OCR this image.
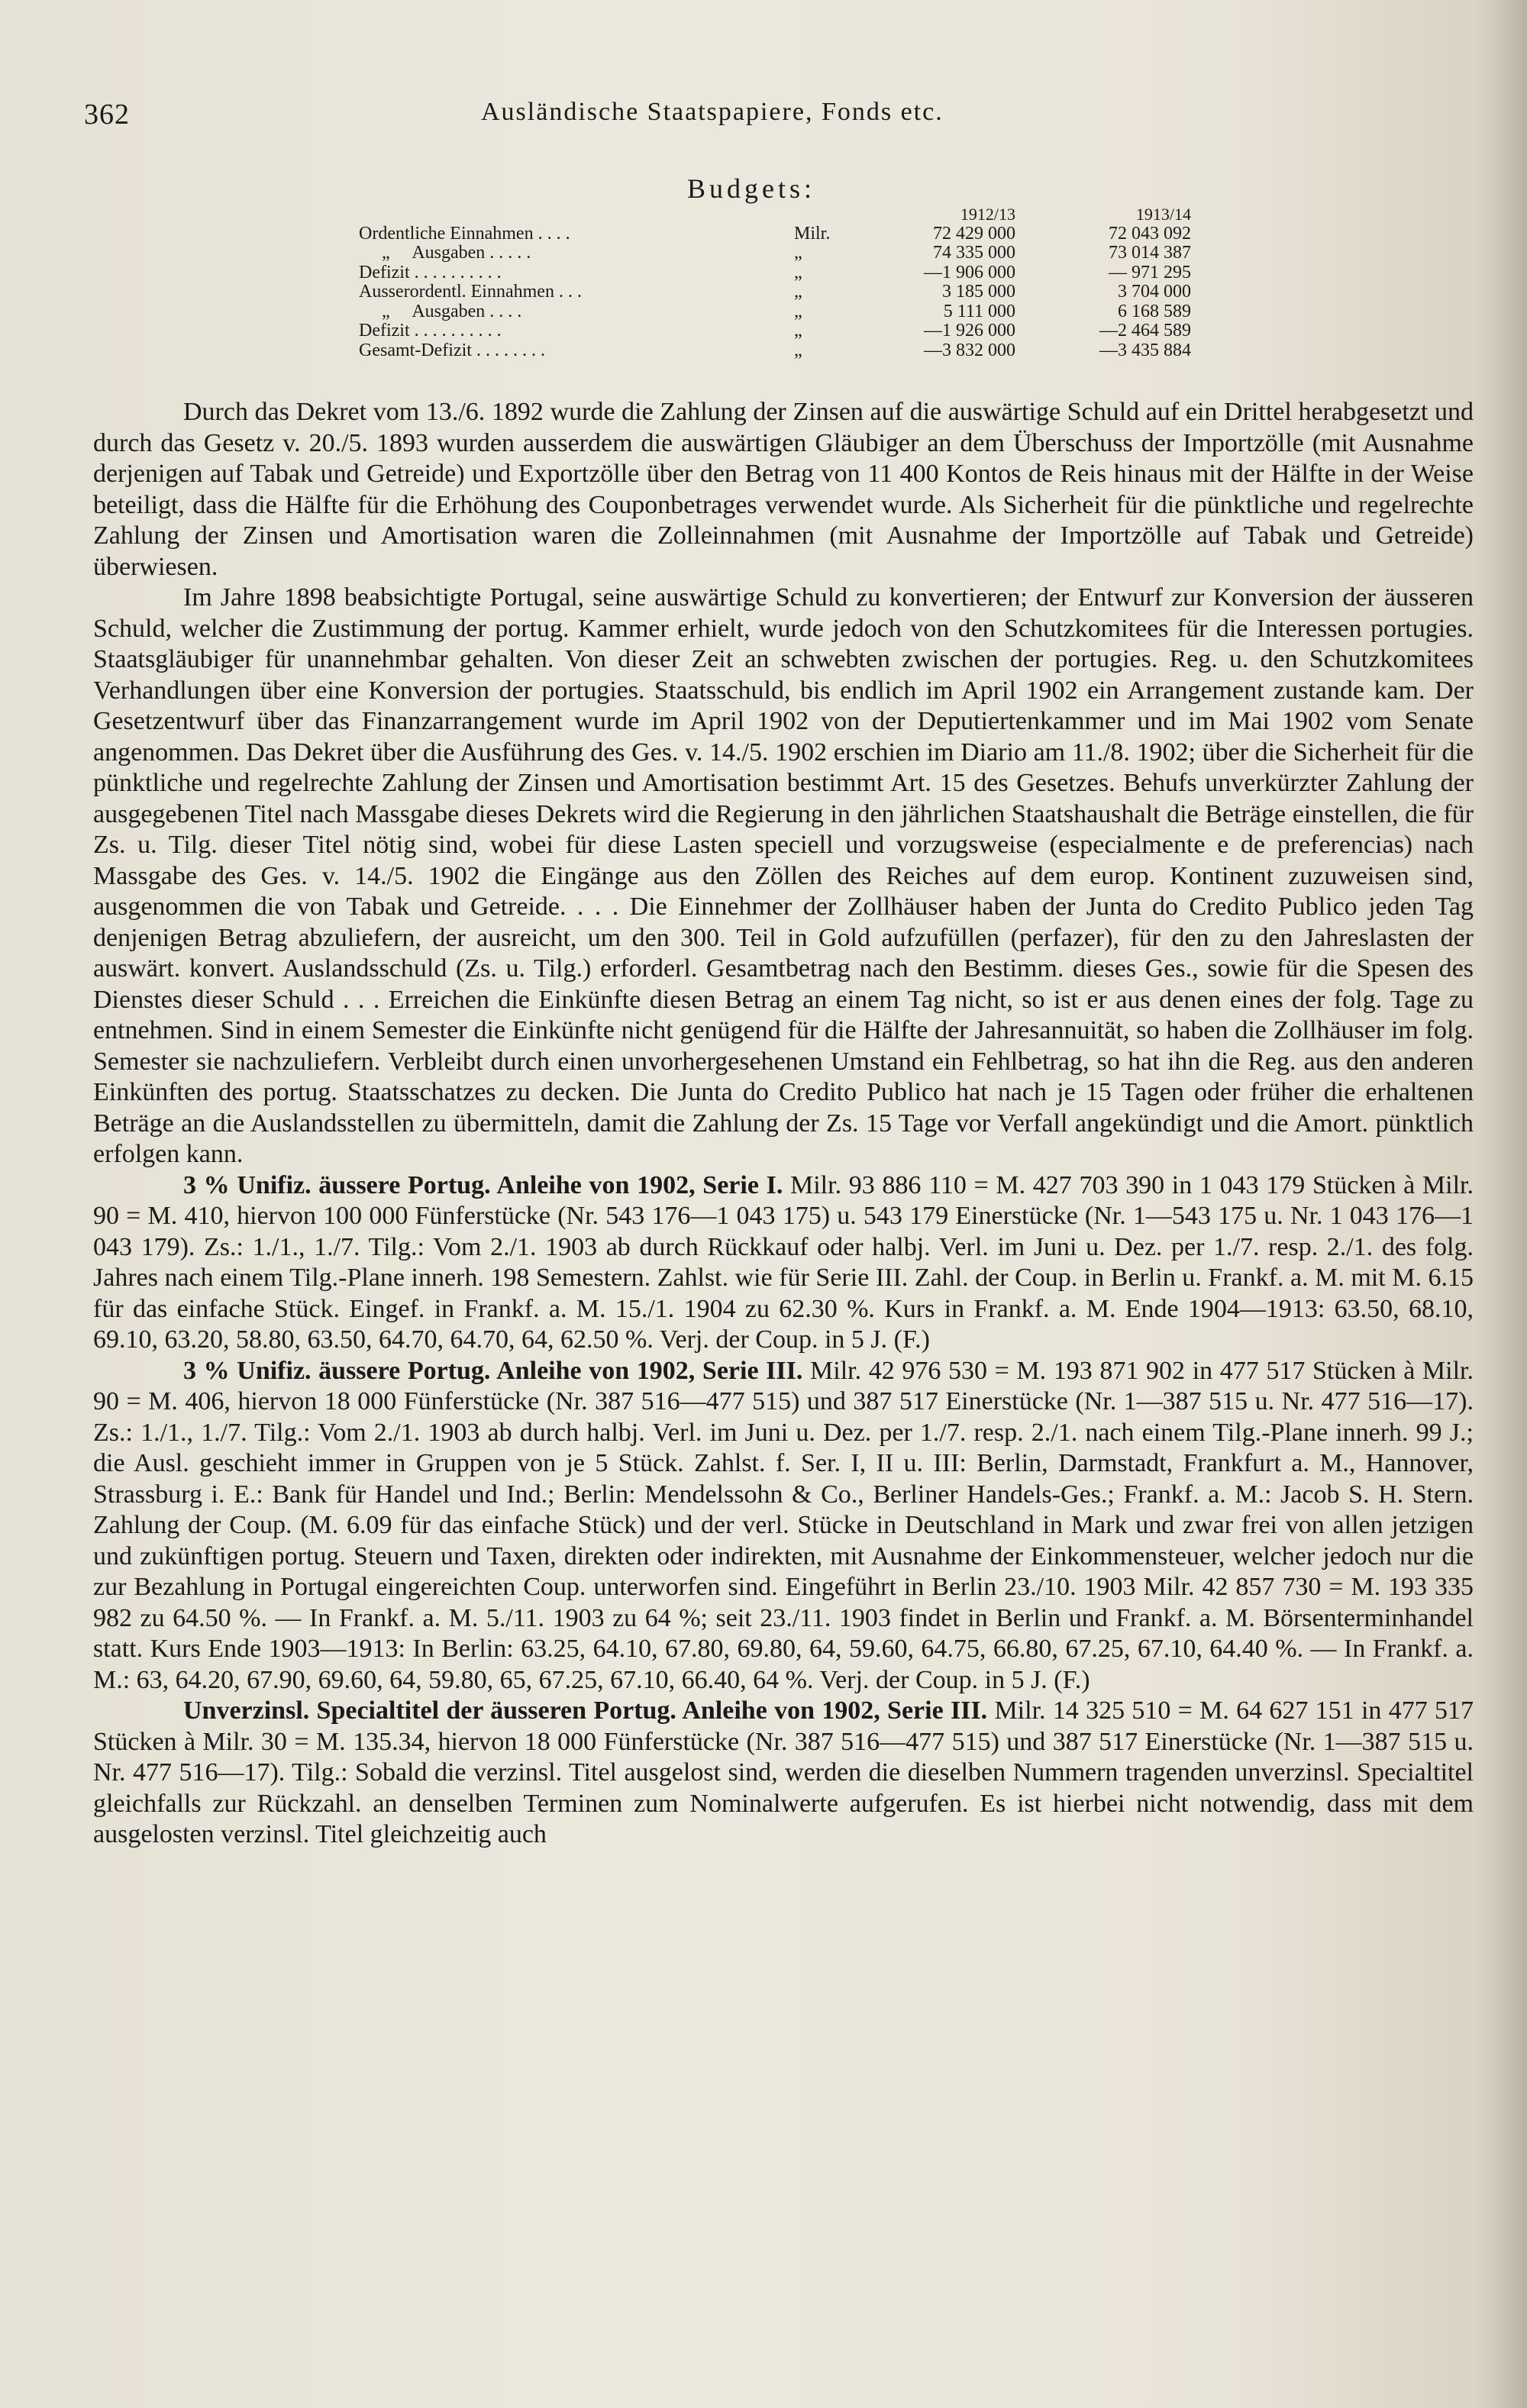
362	Ausländische Staatspapiere, Fonds etc.
Budgets:
1912/13	1913/14
Ordentliche Einnahmen . . . .	Milr.	72 429 000	72 043 092
„     Ausgaben . . . . .	„	74 335 000	73 014 387
Defizit . . . . . . . . . .	„	—1 906 000	— 971 295
Ausserordentl. Einnahmen . . .	„	3 185 000	3 704 000
„     Ausgaben . . . .	„	5 111 000	6 168 589
Defizit . . . . . . . . . .	„	—1 926 000	—2 464 589
Gesamt-Defizit . . . . . . . .	„	—3 832 000	—3 435 884

Durch das Dekret vom 13./6. 1892 wurde die Zahlung der Zinsen auf die auswärtige Schuld auf ein Drittel herabgesetzt und durch das Gesetz v. 20./5. 1893 wurden ausserdem die auswärtigen Gläubiger an dem Überschuss der Importzölle (mit Ausnahme derjenigen auf Tabak und Getreide) und Exportzölle über den Betrag von 11 400 Kontos de Reis hinaus mit der Hälfte in der Weise beteiligt, dass die Hälfte für die Erhöhung des Couponbetrages verwendet wurde. Als Sicherheit für die pünktliche und regelrechte Zahlung der Zinsen und Amortisation waren die Zolleinnahmen (mit Ausnahme der Importzölle auf Tabak und Getreide) überwiesen.

Im Jahre 1898 beabsichtigte Portugal, seine auswärtige Schuld zu konvertieren; der Entwurf zur Konversion der äusseren Schuld, welcher die Zustimmung der portug. Kammer erhielt, wurde jedoch von den Schutzkomitees für die Interessen portugies. Staatsgläubiger für unannehmbar gehalten. Von dieser Zeit an schwebten zwischen der portugies. Reg. u. den Schutzkomitees Verhandlungen über eine Konversion der portugies. Staatsschuld, bis endlich im April 1902 ein Arrangement zustande kam. Der Gesetzentwurf über das Finanzarrangement wurde im April 1902 von der Deputiertenkammer und im Mai 1902 vom Senate angenommen. Das Dekret über die Ausführung des Ges. v. 14./5. 1902 erschien im Diario am 11./8. 1902; über die Sicherheit für die pünktliche und regelrechte Zahlung der Zinsen und Amortisation bestimmt Art. 15 des Gesetzes. Behufs unverkürzter Zahlung der ausgegebenen Titel nach Massgabe dieses Dekrets wird die Regierung in den jährlichen Staatshaushalt die Beträge einstellen, die für Zs. u. Tilg. dieser Titel nötig sind, wobei für diese Lasten speciell und vorzugsweise (especialmente e de preferencias) nach Massgabe des Ges. v. 14./5. 1902 die Eingänge aus den Zöllen des Reiches auf dem europ. Kontinent zuzuweisen sind, ausgenommen die von Tabak und Getreide. . . . Die Einnehmer der Zollhäuser haben der Junta do Credito Publico jeden Tag denjenigen Betrag abzuliefern, der ausreicht, um den 300. Teil in Gold aufzufüllen (perfazer), für den zu den Jahreslasten der auswärt. konvert. Auslandsschuld (Zs. u. Tilg.) erforderl. Gesamtbetrag nach den Bestimm. dieses Ges., sowie für die Spesen des Dienstes dieser Schuld . . . Erreichen die Einkünfte diesen Betrag an einem Tag nicht, so ist er aus denen eines der folg. Tage zu entnehmen. Sind in einem Semester die Einkünfte nicht genügend für die Hälfte der Jahresannuität, so haben die Zollhäuser im folg. Semester sie nachzuliefern. Verbleibt durch einen unvorhergesehenen Umstand ein Fehlbetrag, so hat ihn die Reg. aus den anderen Einkünften des portug. Staatsschatzes zu decken. Die Junta do Credito Publico hat nach je 15 Tagen oder früher die erhaltenen Beträge an die Auslandsstellen zu übermitteln, damit die Zahlung der Zs. 15 Tage vor Verfall angekündigt und die Amort. pünktlich erfolgen kann.

3 % Unifiz. äussere Portug. Anleihe von 1902, Serie I. Milr. 93 886 110 = M. 427 703 390 in 1 043 179 Stücken à Milr. 90 = M. 410, hiervon 100 000 Fünferstücke (Nr. 543 176—1 043 175) u. 543 179 Einerstücke (Nr. 1—543 175 u. Nr. 1 043 176—1 043 179). Zs.: 1./1., 1./7. Tilg.: Vom 2./1. 1903 ab durch Rückkauf oder halbj. Verl. im Juni u. Dez. per 1./7. resp. 2./1. des folg. Jahres nach einem Tilg.-Plane innerh. 198 Semestern. Zahlst. wie für Serie III. Zahl. der Coup. in Berlin u. Frankf. a. M. mit M. 6.15 für das einfache Stück. Eingef. in Frankf. a. M. 15./1. 1904 zu 62.30 %. Kurs in Frankf. a. M. Ende 1904—1913: 63.50, 68.10, 69.10, 63.20, 58.80, 63.50, 64.70, 64.70, 64, 62.50 %. Verj. der Coup. in 5 J. (F.)

3 % Unifiz. äussere Portug. Anleihe von 1902, Serie III. Milr. 42 976 530 = M. 193 871 902 in 477 517 Stücken à Milr. 90 = M. 406, hiervon 18 000 Fünferstücke (Nr. 387 516—477 515) und 387 517 Einerstücke (Nr. 1—387 515 u. Nr. 477 516—17). Zs.: 1./1., 1./7. Tilg.: Vom 2./1. 1903 ab durch halbj. Verl. im Juni u. Dez. per 1./7. resp. 2./1. nach einem Tilg.-Plane innerh. 99 J.; die Ausl. geschieht immer in Gruppen von je 5 Stück. Zahlst. f. Ser. I, II u. III: Berlin, Darmstadt, Frankfurt a. M., Hannover, Strassburg i. E.: Bank für Handel und Ind.; Berlin: Mendelssohn & Co., Berliner Handels-Ges.; Frankf. a. M.: Jacob S. H. Stern. Zahlung der Coup. (M. 6.09 für das einfache Stück) und der verl. Stücke in Deutschland in Mark und zwar frei von allen jetzigen und zukünftigen portug. Steuern und Taxen, direkten oder indirekten, mit Ausnahme der Einkommensteuer, welcher jedoch nur die zur Bezahlung in Portugal eingereichten Coup. unterworfen sind. Eingeführt in Berlin 23./10. 1903 Milr. 42 857 730 = M. 193 335 982 zu 64.50 %. — In Frankf. a. M. 5./11. 1903 zu 64 %; seit 23./11. 1903 findet in Berlin und Frankf. a. M. Börsenterminhandel statt. Kurs Ende 1903—1913: In Berlin: 63.25, 64.10, 67.80, 69.80, 64, 59.60, 64.75, 66.80, 67.25, 67.10, 64.40 %. — In Frankf. a. M.: 63, 64.20, 67.90, 69.60, 64, 59.80, 65, 67.25, 67.10, 66.40, 64 %. Verj. der Coup. in 5 J. (F.)

Unverzinsl. Specialtitel der äusseren Portug. Anleihe von 1902, Serie III. Milr. 14 325 510 = M. 64 627 151 in 477 517 Stücken à Milr. 30 = M. 135.34, hiervon 18 000 Fünferstücke (Nr. 387 516—477 515) und 387 517 Einerstücke (Nr. 1—387 515 u. Nr. 477 516—17). Tilg.: Sobald die verzinsl. Titel ausgelost sind, werden die dieselben Nummern tragenden unverzinsl. Specialtitel gleichfalls zur Rückzahl. an denselben Terminen zum Nominalwerte aufgerufen. Es ist hierbei nicht notwendig, dass mit dem ausgelosten verzinsl. Titel gleichzeitig auch
